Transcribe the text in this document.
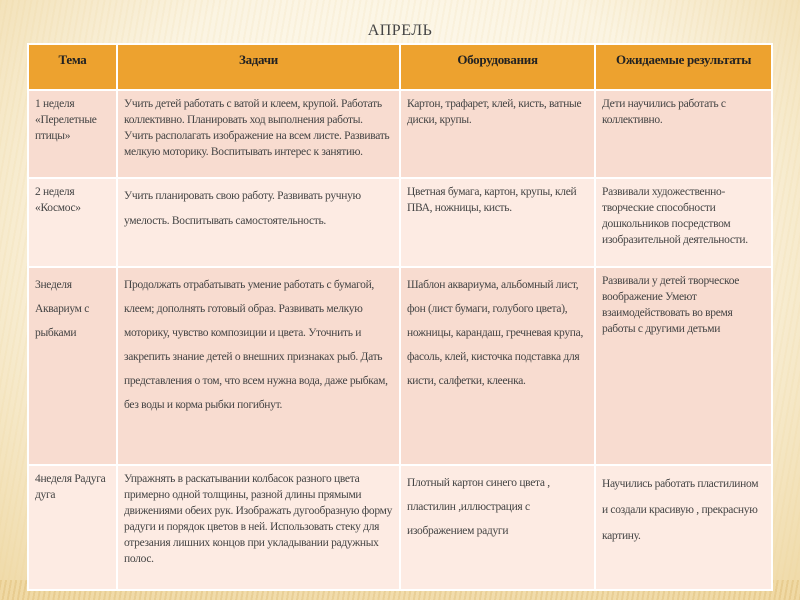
АПРЕЛЬ
Тема	Задачи	Оборудования	Ожидаемые результаты
1 неделя «Перелетные птицы»	Учить детей работать с ватой и клеем, крупой. Работать коллективно. Планировать ход выполнения работы. Учить располагать изображение на всем листе. Развивать мелкую моторику. Воспитывать интерес к занятию.	Картон, трафарет, клей, кисть, ватные диски, крупы.	Дети научились работать с коллективно.
2 неделя «Космос»	Учить планировать свою работу. Развивать ручную умелость. Воспитывать самостоятельность.	Цветная бумага, картон, крупы, клей ПВА, ножницы, кисть.	Развивали художественно-творческие способности дошкольников посредством изобразительной деятельности.
3неделя Аквариум с рыбками	Продолжать отрабатывать умение работать с бумагой, клеем; дополнять готовый образ. Развивать мелкую моторику, чувство композиции и цвета. Уточнить и закрепить знание детей о внешних признаках рыб. Дать представления о том, что всем нужна вода, даже рыбкам, без воды и корма рыбки погибнут.	Шаблон аквариума, альбомный лист, фон (лист бумаги, голубого цвета), ножницы, карандаш, гречневая крупа, фасоль, клей, кисточка подставка для кисти, салфетки, клеенка.	Развивали у детей творческое воображение Умеют взаимодействовать во время работы с другими детьми
4неделя Радуга дуга	Упражнять в раскатывании колбасок разного цвета примерно одной толщины, разной длины прямыми движениями обеих рук. Изображать дугообразную форму радуги и порядок цветов в ней. Использовать стеку для отрезания лишних концов при укладывании радужных полос.	Плотный картон синего цвета , пластилин ,иллюстрация с изображением радуги	Научились работать пластилином и создали красивую , прекрасную картину.
